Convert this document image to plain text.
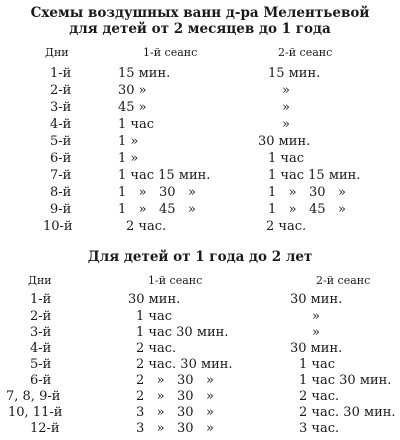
Схемы воздушных ванн д-ра Мелентьевой
для детей от 2 месяцев до 1 года
Дни	1-й сеанс	2-й сеанс
1-й	15 мин.	15 мин.
2-й	30 »	»
3-й	45 »	»
4-й	1 час	»
5-й	1 »	30 мин.
6-й	1 »	1 час
7-й	1 час 15 мин.	1 час 15 мин.
8-й	1   »   30   »	1   »   30   »
9-й	1   »   45   »	1   »   45   »
10-й	2 час.	2 час.
Для детей от 1 года до 2 лет
Дни	1-й сеанс	2-й сеанс
1-й	30 мин.	30 мин.
2-й	1 час	»
3-й	1 час 30 мин.	»
4-й	2 час.	30 мин.
5-й	2 час. 30 мин.	1 час
6-й	2   »   30   »	1 час 30 мин.
7, 8, 9-й	2   »   30   »	2 час.
10, 11-й	3   »   30   »	2 час. 30 мин.
12-й	3   »   30   »	3 час.
